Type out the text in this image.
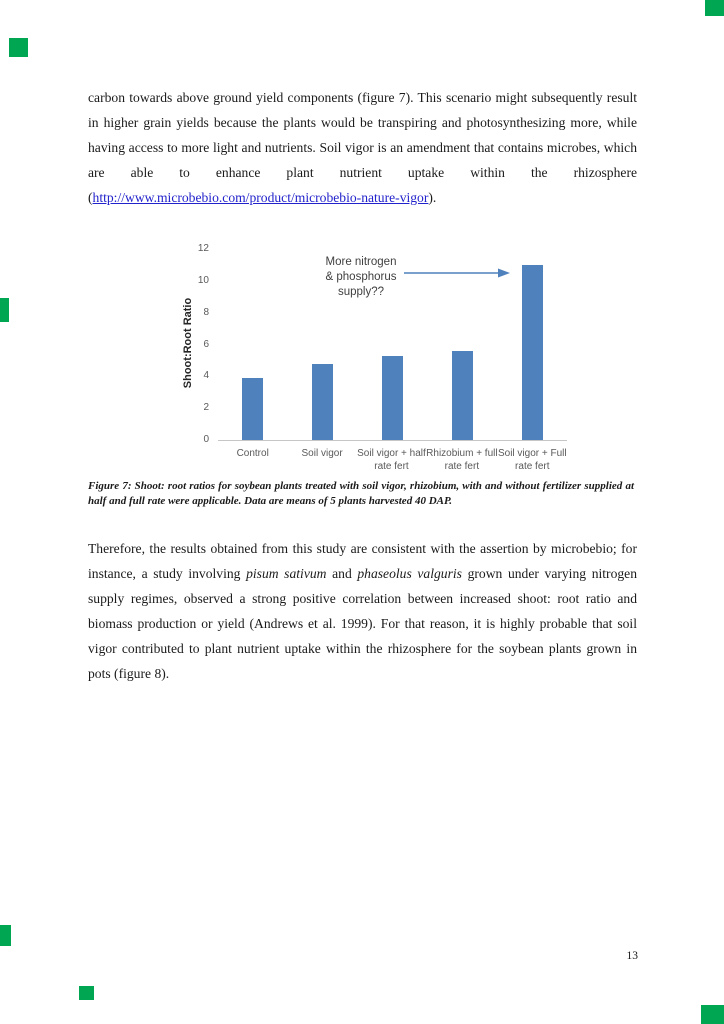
carbon towards above ground yield components (figure 7). This scenario might subsequently result in higher grain yields because the plants would be transpiring and photosynthesizing more, while having access to more light and nutrients. Soil vigor is an amendment that contains microbes, which are able to enhance plant nutrient uptake within the rhizosphere (http://www.microbebio.com/product/microbebio-nature-vigor).

Shoot:Root Ratio
0
2
4
6
8
10
12
Control	Soil vigor	Soil vigor + half
rate fert
Rhizobium + full
rate fert
Soil vigor + Full
rate fert
More nitrogen
& phosphorus
supply??

Figure 7: Shoot: root ratios for soybean plants treated with soil vigor, rhizobium, with and without fertilizer supplied at half and full rate were applicable. Data are means of 5 plants harvested 40 DAP.

Therefore, the results obtained from this study are consistent with the assertion by microbebio; for instance, a study involving pisum sativum and phaseolus valguris grown under varying nitrogen supply regimes, observed a strong positive correlation between increased shoot: root ratio and biomass production or yield (Andrews et al. 1999). For that reason, it is highly probable that soil vigor contributed to plant nutrient uptake within the rhizosphere for the soybean plants grown in pots (figure 8).

13
